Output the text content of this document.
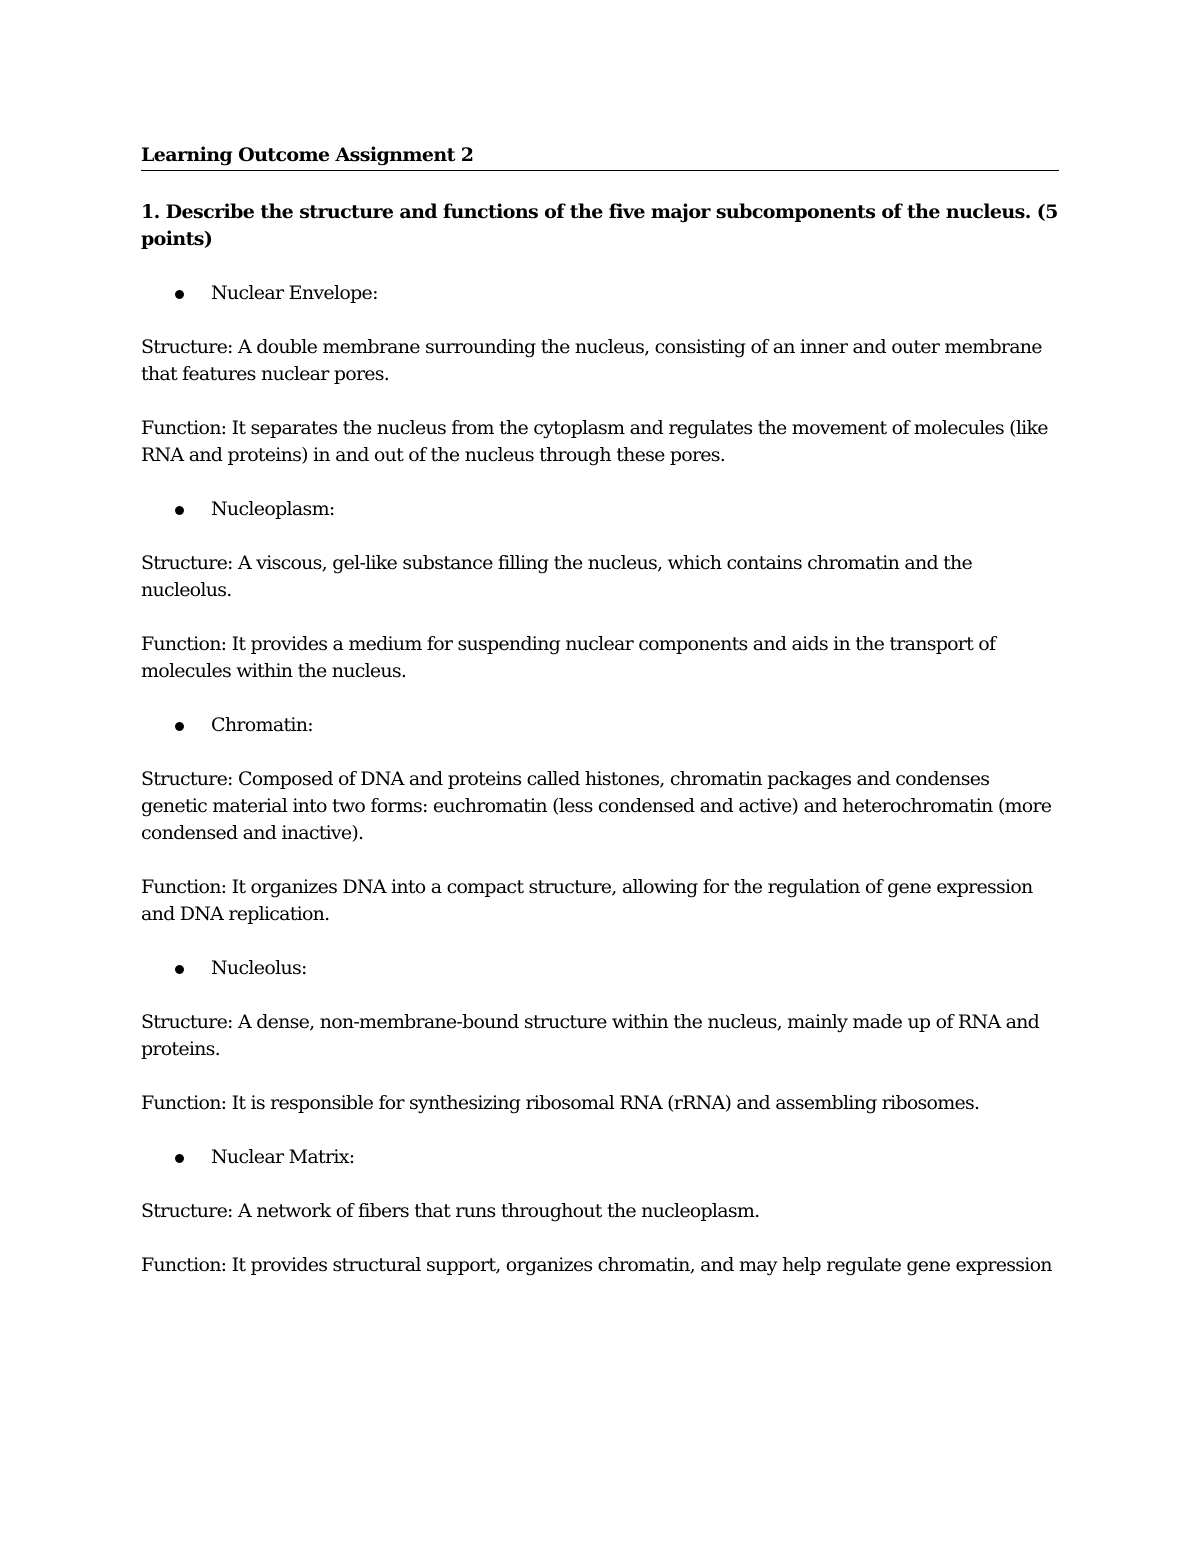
Learning Outcome Assignment 2
1. Describe the structure and functions of the five major subcomponents of the nucleus. (5 points)
Nuclear Envelope:
Structure: A double membrane surrounding the nucleus, consisting of an inner and outer membrane that features nuclear pores.
Function: It separates the nucleus from the cytoplasm and regulates the movement of molecules (like RNA and proteins) in and out of the nucleus through these pores.
Nucleoplasm:
Structure: A viscous, gel-like substance filling the nucleus, which contains chromatin and the nucleolus.
Function: It provides a medium for suspending nuclear components and aids in the transport of molecules within the nucleus.
Chromatin:
Structure: Composed of DNA and proteins called histones, chromatin packages and condenses genetic material into two forms: euchromatin (less condensed and active) and heterochromatin (more condensed and inactive).
Function: It organizes DNA into a compact structure, allowing for the regulation of gene expression and DNA replication.
Nucleolus:
Structure: A dense, non-membrane-bound structure within the nucleus, mainly made up of RNA and proteins.
Function: It is responsible for synthesizing ribosomal RNA (rRNA) and assembling ribosomes.
Nuclear Matrix:
Structure: A network of fibers that runs throughout the nucleoplasm.
Function: It provides structural support, organizes chromatin, and may help regulate gene expression
